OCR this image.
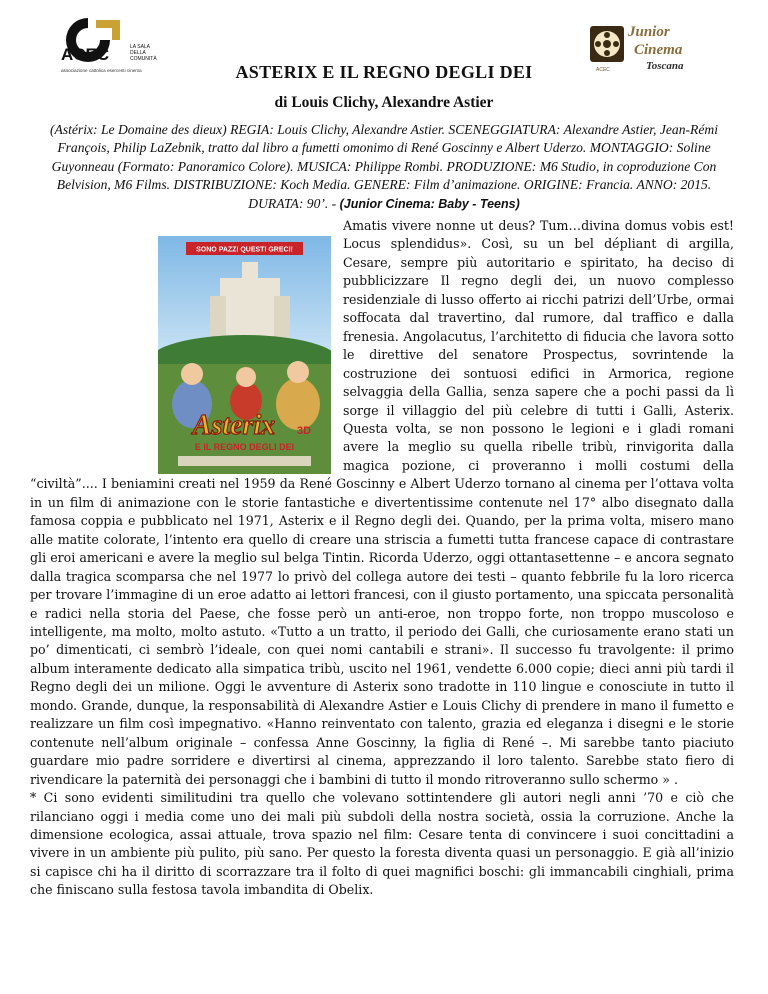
ACEC	LA SALA
DELLA
COMUNITÀ
associazione cattolica esercenti cinema
Junior
Cinema
Toscana
ACEC
ASTERIX E IL REGNO DEGLI DEI
di Louis Clichy, Alexandre Astier
(Astérix: Le Domaine des dieux) REGIA: Louis Clichy, Alexandre Astier. SCENEGGIATURA: Alexandre Astier, Jean-Rémi François, Philip LaZebnik, tratto dal libro a fumetti omonimo di René Goscinny e Albert Uderzo. MONTAGGIO: Soline Guyonneau (Formato: Panoramico Colore). MUSICA: Philippe Rombi. PRODUZIONE: M6 Studio, in coproduzione Con Belvision, M6 Films. DISTRIBUZIONE: Koch Media. GENERE: Film d’animazione. ORIGINE: Francia. ANNO: 2015. DURATA: 90’. - (Junior Cinema: Baby - Teens)
SONO PAZZI QUESTI GRECI!
Asterix 3D
E IL REGNO DEGLI DEI

Amatis vivere nonne ut deus? Tum…divina domus vobis est! Locus splendidus». Così, su un bel dépliant di argilla, Cesare, sempre più autoritario e spiritato, ha deciso di pubblicizzare Il regno degli dei, un nuovo complesso residenziale di lusso offerto ai ricchi patrizi dell’Urbe, ormai soffocata dal travertino, dal rumore, dal traffico e dalla frenesia. Angolacutus, l’architetto di fiducia che lavora sotto le direttive del senatore Prospectus, sovrintende la costruzione dei sontuosi edifici in Armorica, regione selvaggia della Gallia, senza sapere che a pochi passi da lì sorge il villaggio del più celebre di tutti i Galli, Asterix. Questa volta, se non possono le legioni e i gladi romani avere la meglio su quella ribelle tribù, rinvigorita dalla magica pozione, ci proveranno i molli costumi della “civiltà”.... I beniamini creati nel 1959 da René Goscinny e Albert Uderzo tornano al cinema per l’ottava volta in un film di animazione con le storie fantastiche e divertentissime contenute nel 17° albo disegnato dalla famosa coppia e pubblicato nel 1971, Asterix e il Regno degli dei. Quando, per la prima volta, misero mano alle matite colorate, l’intento era quello di creare una striscia a fumetti tutta francese capace di contrastare gli eroi americani e avere la meglio sul belga Tintin. Ricorda Uderzo, oggi ottantasettenne – e ancora segnato dalla tragica scomparsa che nel 1977 lo privò del collega autore dei testi – quanto febbrile fu la loro ricerca per trovare l’immagine di un eroe adatto ai lettori francesi, con il giusto portamento, una spiccata personalità e radici nella storia del Paese, che fosse però un anti-eroe, non troppo forte, non troppo muscoloso e intelligente, ma molto, molto astuto. «Tutto a un tratto, il periodo dei Galli, che curiosamente erano stati un po’ dimenticati, ci sembrò l’ideale, con quei nomi cantabili e strani». Il successo fu travolgente: il primo album interamente dedicato alla simpatica tribù, uscito nel 1961, vendette 6.000 copie; dieci anni più tardi il Regno degli dei un milione. Oggi le avventure di Asterix sono tradotte in 110 lingue e conosciute in tutto il mondo. Grande, dunque, la responsabilità di Alexandre Astier e Louis Clichy di prendere in mano il fumetto e realizzare un film così impegnativo. «Hanno reinventato con talento, grazia ed eleganza i disegni e le storie contenute nell’album originale – confessa Anne Goscinny, la figlia di René –. Mi sarebbe tanto piaciuto guardare mio padre sorridere e divertirsi al cinema, apprezzando il loro talento. Sarebbe stato fiero di rivendicare la paternità dei personaggi che i bambini di tutto il mondo ritroveranno sullo schermo » .

* Ci sono evidenti similitudini tra quello che volevano sottintendere gli autori negli anni ’70 e ciò che rilanciano oggi i media come uno dei mali più subdoli della nostra società, ossia la corruzione. Anche la dimensione ecologica, assai attuale, trova spazio nel film: Cesare tenta di convincere i suoi concittadini a vivere in un ambiente più pulito, più sano. Per questo la foresta diventa quasi un personaggio. E già all’inizio si capisce chi ha il diritto di scorrazzare tra il folto di quei magnifici boschi: gli immancabili cinghiali, prima che finiscano sulla festosa tavola imbandita di Obelix.
